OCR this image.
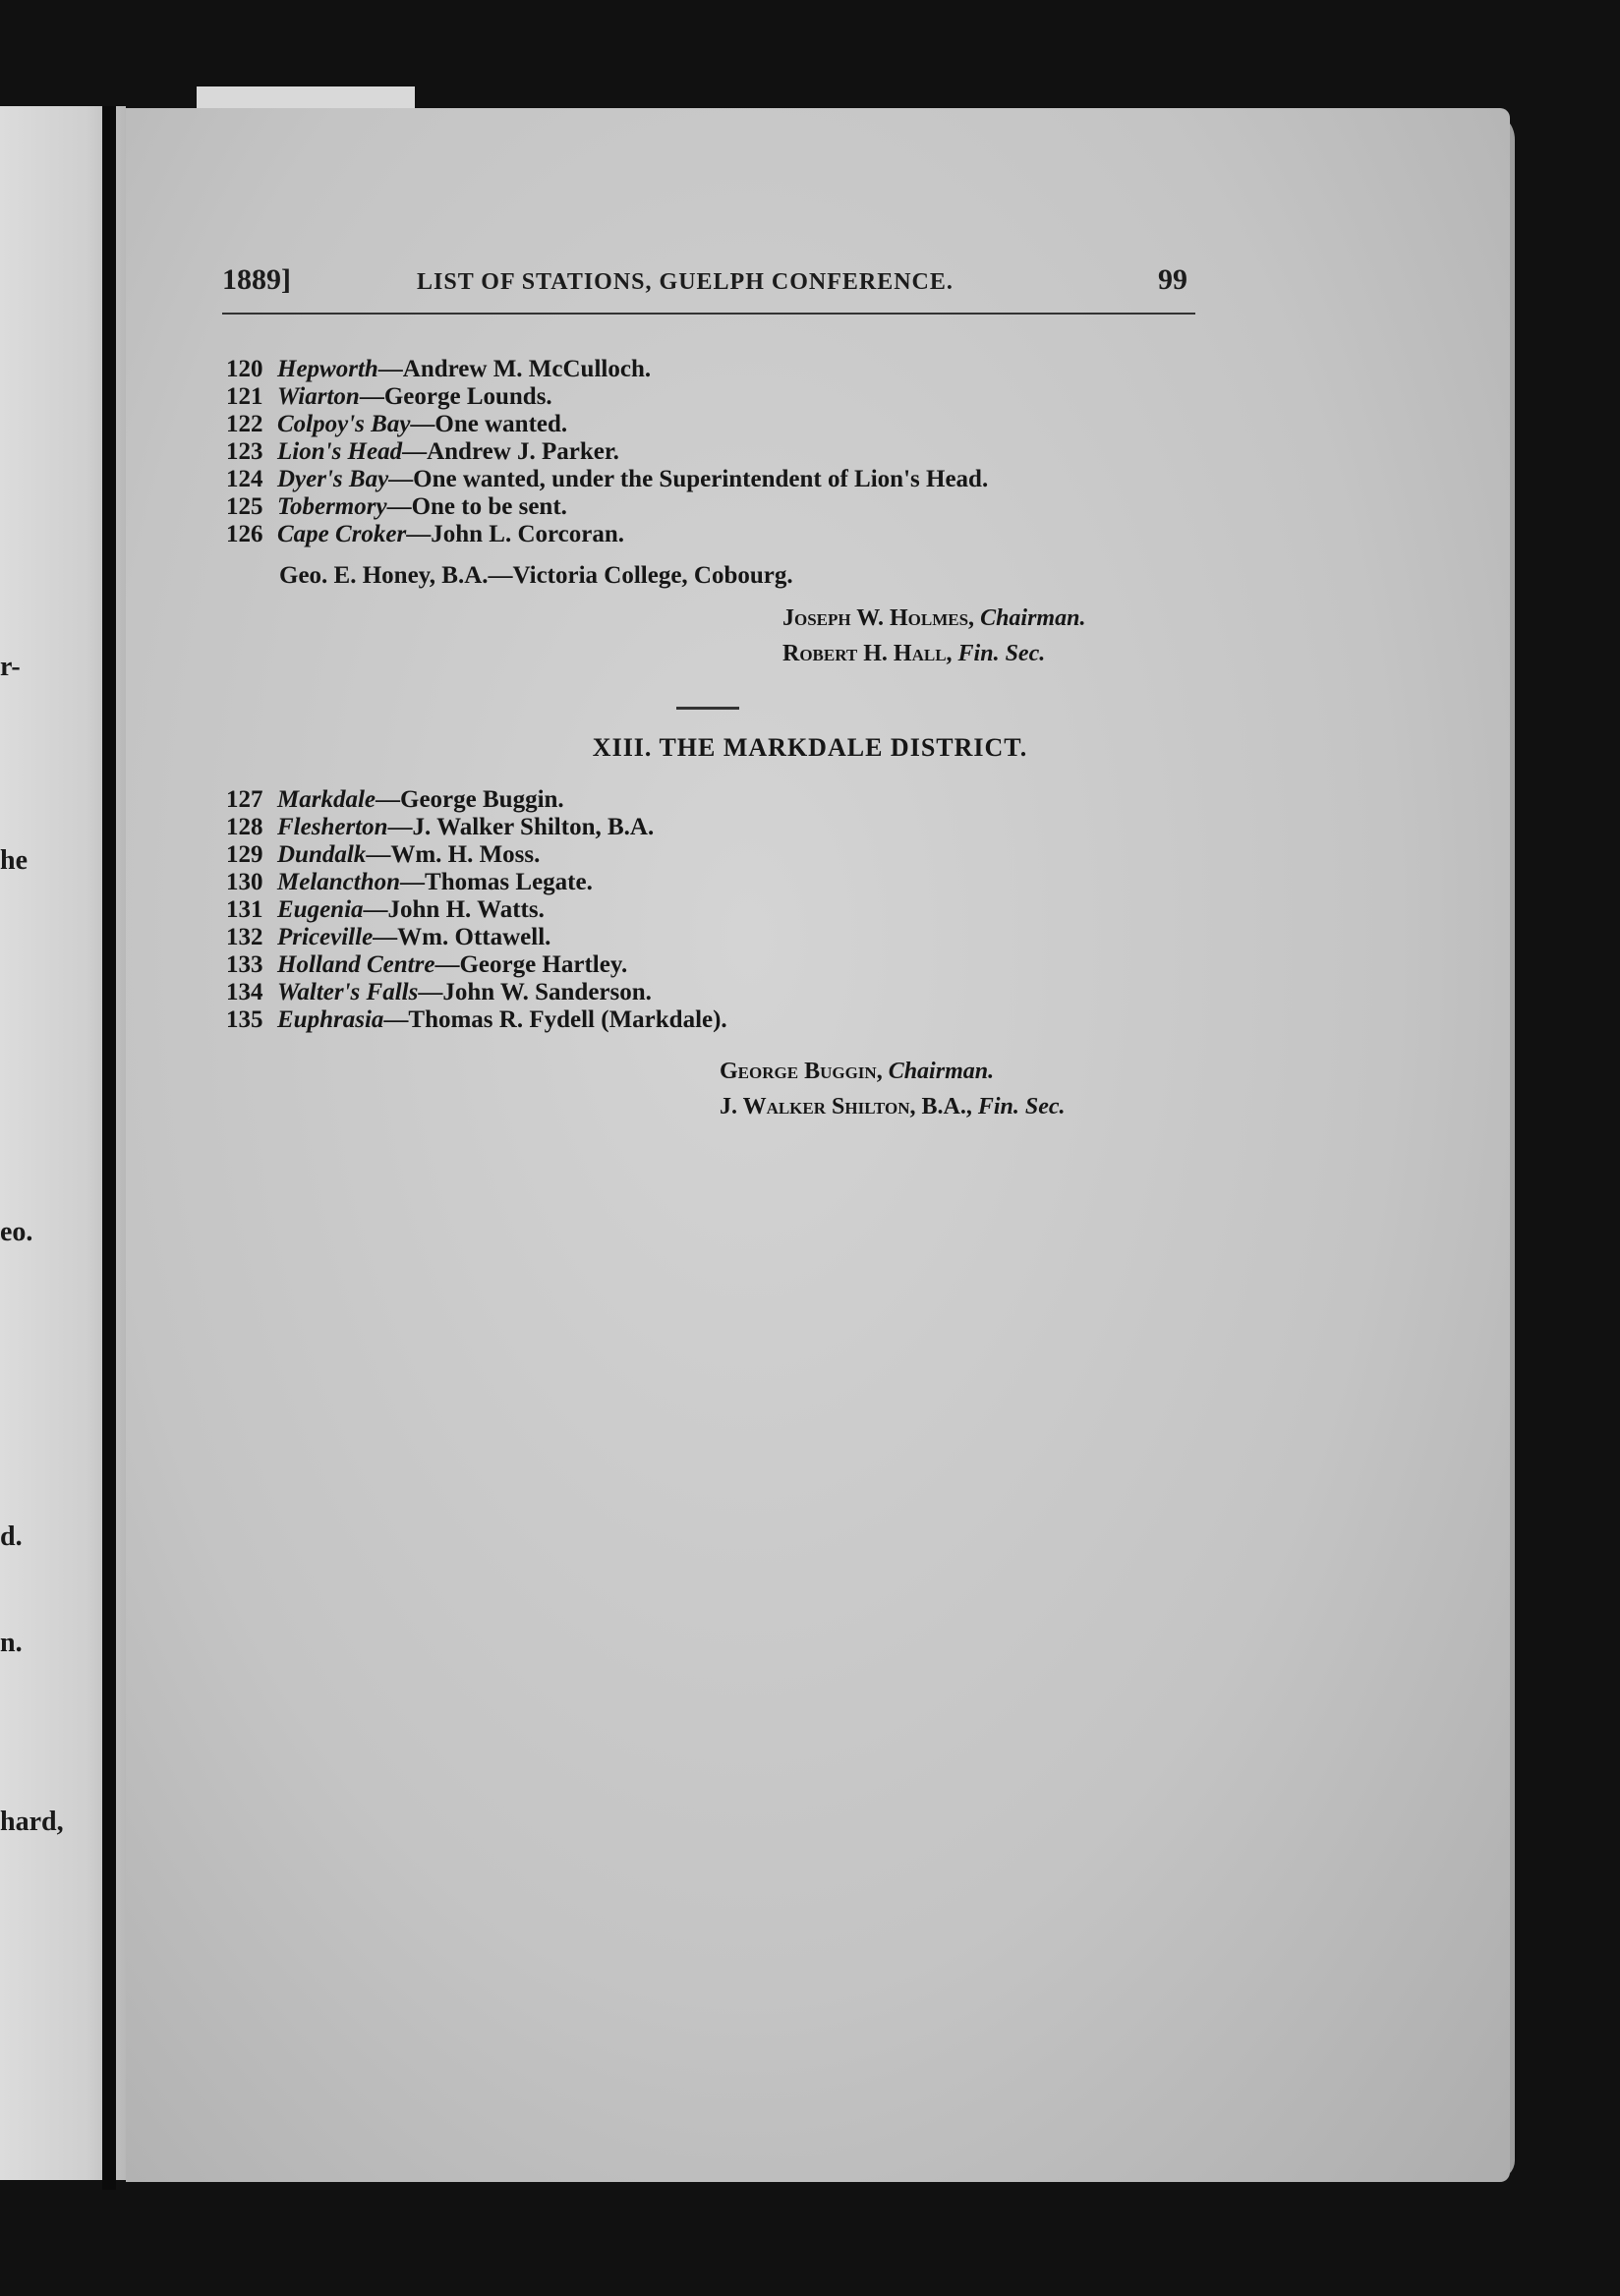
r-
he
eo.
d.
n.
hard,
1889]	LIST OF STATIONS, GUELPH CONFERENCE.	99
120 Hepworth—Andrew M. McCulloch.
121 Wiarton—George Lounds.
122 Colpoy's Bay—One wanted.
123 Lion's Head—Andrew J. Parker.
124 Dyer's Bay—One wanted, under the Superintendent of Lion's Head.
125 Tobermory—One to be sent.
126 Cape Croker—John L. Corcoran.
Geo. E. Honey, B.A.—Victoria College, Cobourg.
Joseph W. Holmes, Chairman.
Robert H. Hall, Fin. Sec.
XIII. THE MARKDALE DISTRICT.
127 Markdale—George Buggin.
128 Flesherton—J. Walker Shilton, B.A.
129 Dundalk—Wm. H. Moss.
130 Melancthon—Thomas Legate.
131 Eugenia—John H. Watts.
132 Priceville—Wm. Ottawell.
133 Holland Centre—George Hartley.
134 Walter's Falls—John W. Sanderson.
135 Euphrasia—Thomas R. Fydell (Markdale).
George Buggin, Chairman.
J. Walker Shilton, B.A., Fin. Sec.
